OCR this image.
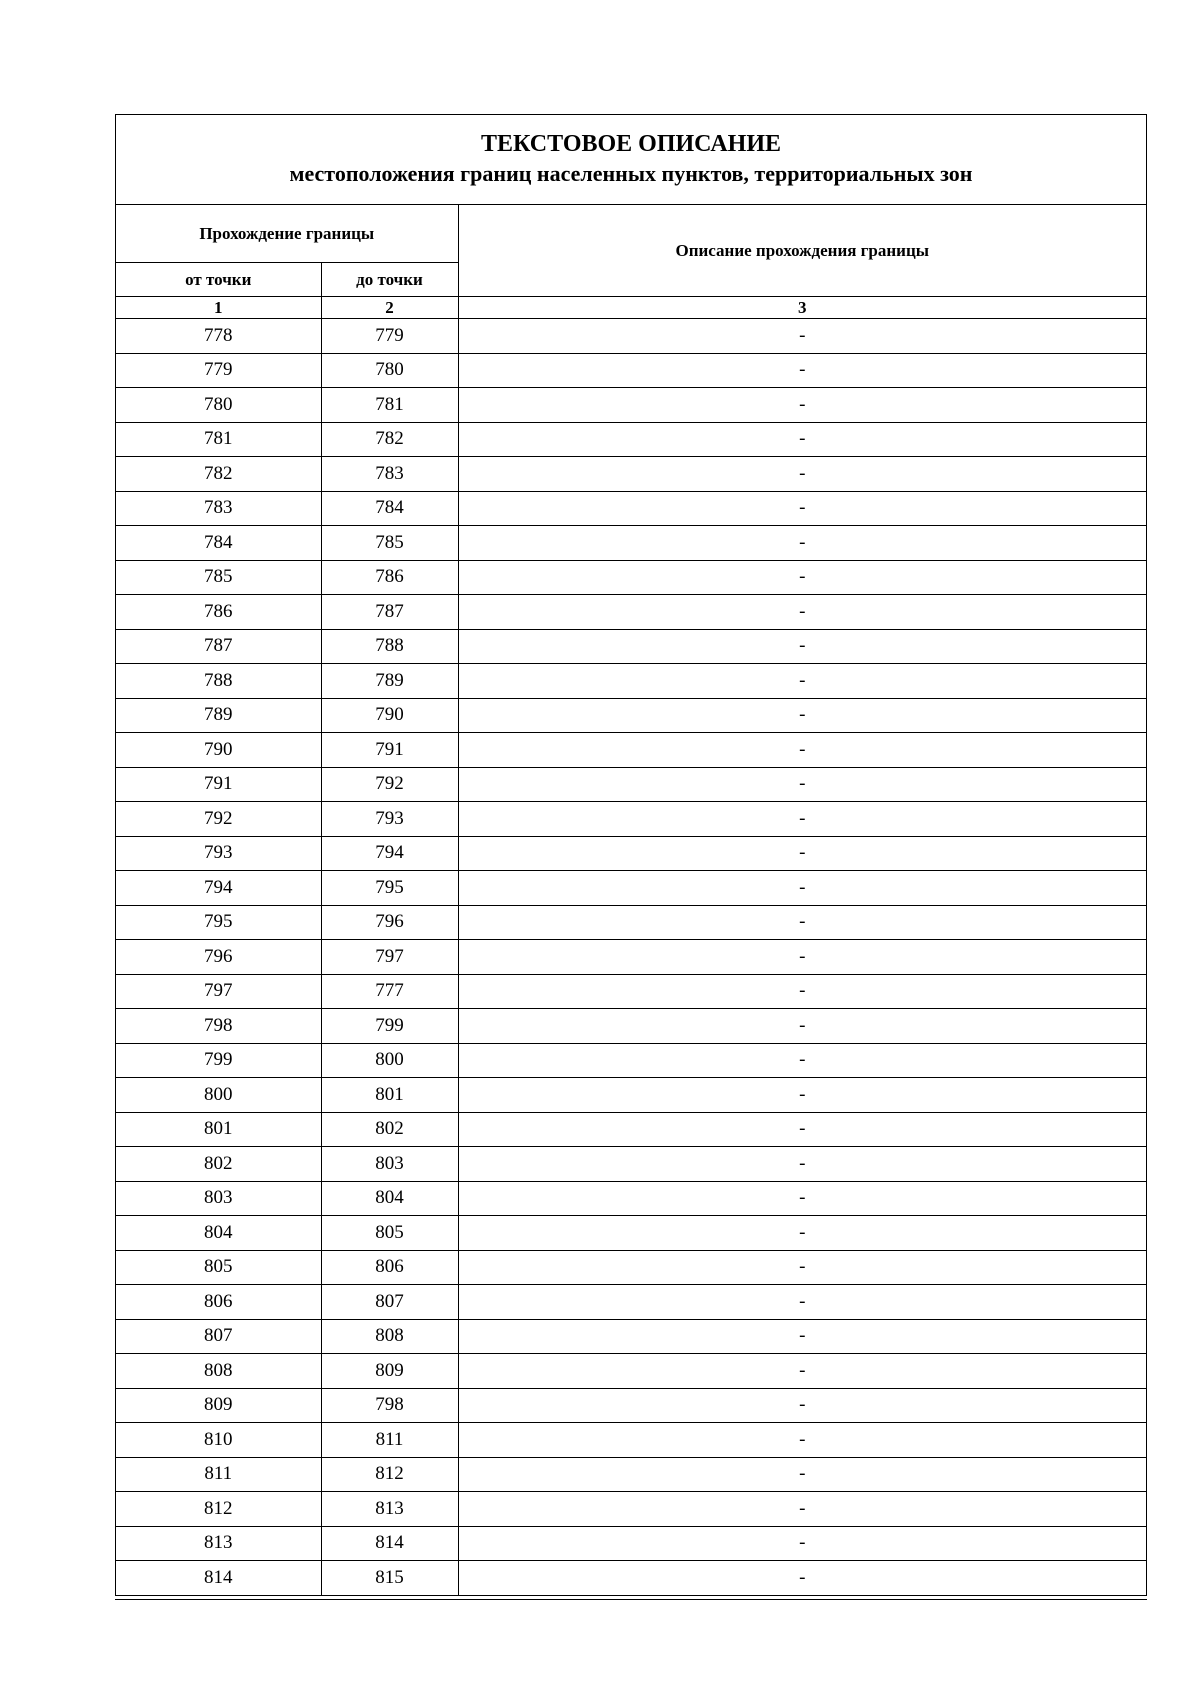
ТЕКСТОВОЕ ОПИСАНИЕ
местоположения границ населенных пунктов, территориальных зон
Прохождение границы		Описание прохождения границы
от точки	до точки	
1	2	3
778	779	-
779	780	-
780	781	-
781	782	-
782	783	-
783	784	-
784	785	-
785	786	-
786	787	-
787	788	-
788	789	-
789	790	-
790	791	-
791	792	-
792	793	-
793	794	-
794	795	-
795	796	-
796	797	-
797	777	-
798	799	-
799	800	-
800	801	-
801	802	-
802	803	-
803	804	-
804	805	-
805	806	-
806	807	-
807	808	-
808	809	-
809	798	-
810	811	-
811	812	-
812	813	-
813	814	-
814	815	-
